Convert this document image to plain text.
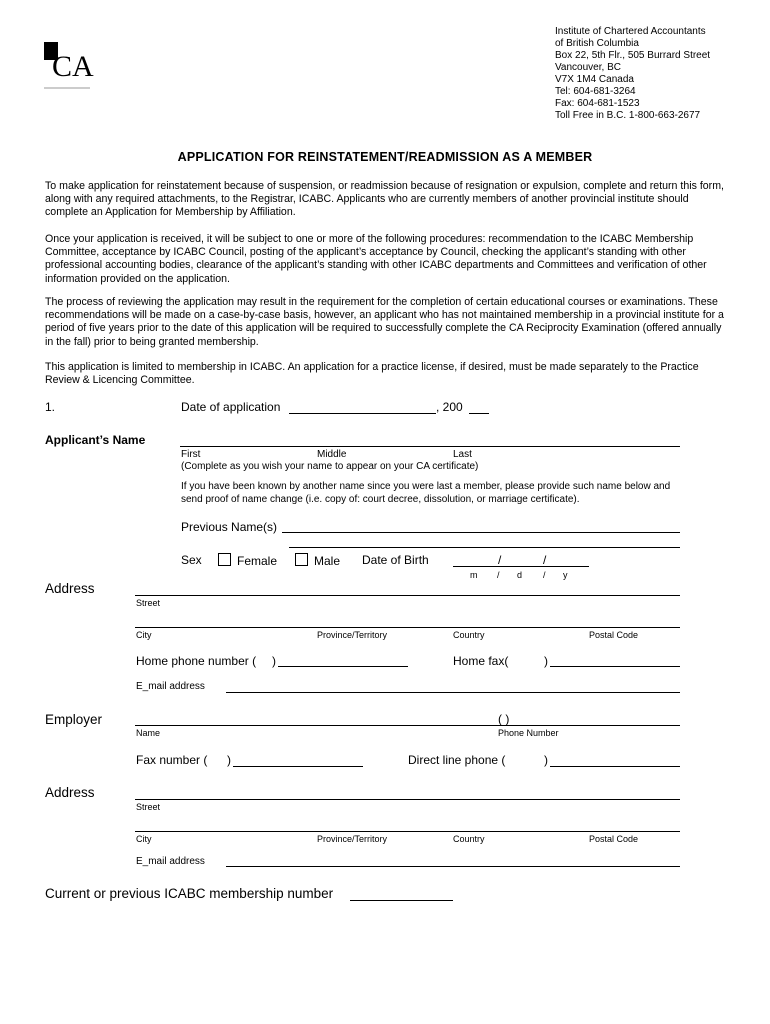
CA
Institute of Chartered Accountants
of British Columbia
Box 22, 5th Flr., 505 Burrard Street
Vancouver, BC
V7X 1M4 Canada
Tel: 604-681-3264
Fax: 604-681-1523
Toll Free in B.C. 1-800-663-2677
APPLICATION FOR REINSTATEMENT/READMISSION AS A MEMBER
To make application for reinstatement because of suspension, or readmission because of resignation or expulsion, complete and return this form, along with any required attachments, to the Registrar, ICABC. Applicants who are currently members of another provincial institute should complete an Application for Membership by Affiliation.
Once your application is received, it will be subject to one or more of the following procedures: recommendation to the ICABC Membership Committee, acceptance by ICABC Council, posting of the applicant’s acceptance by Council, checking the applicant’s standing with other professional accounting bodies, clearance of the applicant’s standing with other ICABC departments and Committees and verification of other information provided on the application.
The process of reviewing the application may result in the requirement for the completion of certain educational courses or examinations. These recommendations will be made on a case-by-case basis, however, an applicant who has not maintained membership in a provincial institute for a period of five years prior to the date of this application will be required to successfully complete the CA Reciprocity Examination (offered annually in the fall) prior to being granted membership.
This application is limited to membership in ICABC. An application for a practice license, if desired, must be made separately to the Practice Review & Licencing Committee.
1.	Date of application	, 200
Applicant’s Name
First	Middle	Last
(Complete as you wish your name to appear on your CA certificate)
If you have been known by another name since you were last a member, please provide such name below and send proof of name change (i.e. copy of: court decree, dissolution, or marriage certificate).
Previous Name(s)
Sex	Female	Male Date of Birth	/	/
m / d / y
Address
Street
City	Province/Territory	Country	Postal Code
Home phone number ( )	Home fax(	)
E_mail address
Employer	( )
Name	Phone Number
Fax number ( )	Direct line phone (	)
Address
Street
City	Province/Territory	Country	Postal Code
E_mail address
Current or previous ICABC membership number
